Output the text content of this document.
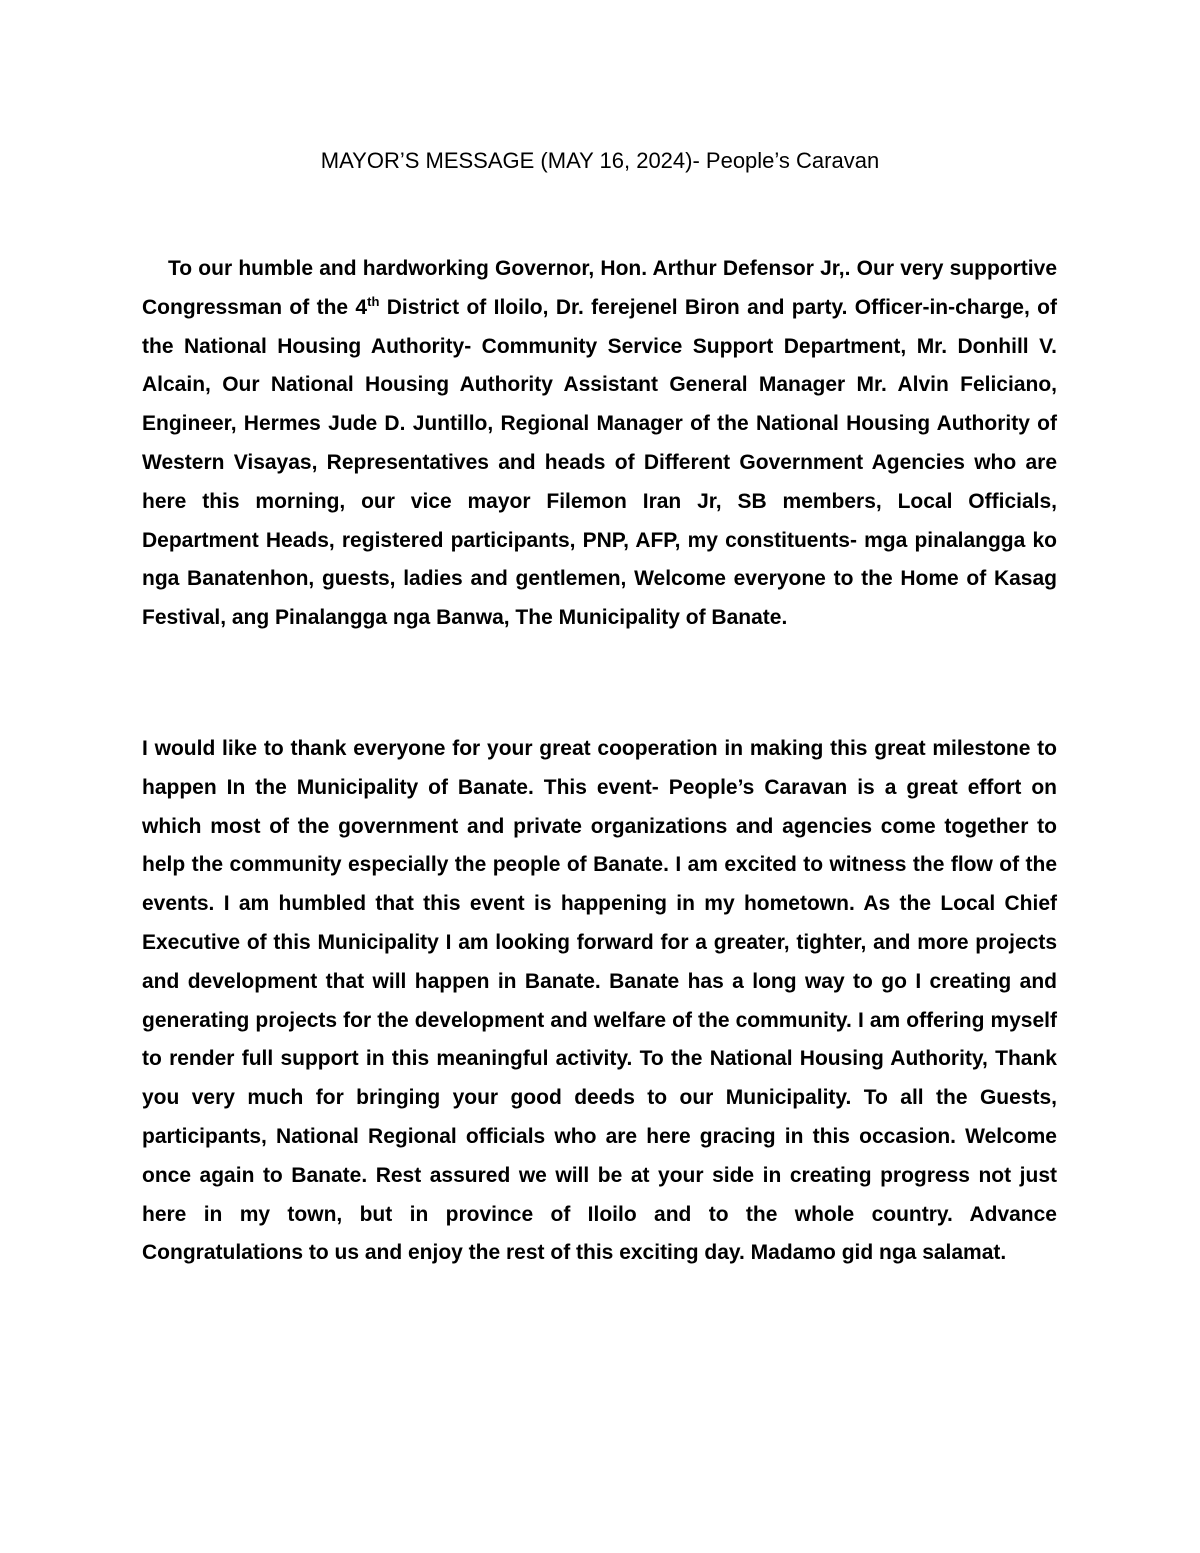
MAYOR’S MESSAGE (MAY 16, 2024)- People’s Caravan

To our humble and hardworking Governor, Hon. Arthur Defensor Jr,. Our very supportive Congressman of the 4th District of Iloilo, Dr. ferejenel Biron and party. Officer-in-charge, of the National Housing Authority- Community Service Support Department, Mr. Donhill V. Alcain, Our National Housing Authority Assistant General Manager Mr. Alvin Feliciano, Engineer, Hermes Jude D. Juntillo, Regional Manager of the National Housing Authority of Western Visayas, Representatives and heads of Different Government Agencies who are here this morning, our vice mayor Filemon Iran Jr, SB members, Local Officials, Department Heads, registered participants, PNP, AFP, my constituents- mga pinalangga ko nga Banatenhon, guests, ladies and gentlemen, Welcome everyone to the Home of Kasag Festival, ang Pinalangga nga Banwa, The Municipality of Banate.

I would like to thank everyone for your great cooperation in making this great milestone to happen In the Municipality of Banate. This event- People’s Caravan is a great effort on which most of the government and private organizations and agencies come together to help the community especially the people of Banate. I am excited to witness the flow of the events. I am humbled that this event is happening in my hometown. As the Local Chief Executive of this Municipality I am looking forward for a greater, tighter, and more projects and development that will happen in Banate. Banate has a long way to go I creating and generating projects for the development and welfare of the community. I am offering myself to render full support in this meaningful activity. To the National Housing Authority, Thank you very much for bringing your good deeds to our Municipality. To all the Guests, participants, National Regional officials who are here gracing in this occasion. Welcome once again to Banate. Rest assured we will be at your side in creating progress not just here in my town, but in province of Iloilo and to the whole country. Advance Congratulations to us and enjoy the rest of this exciting day. Madamo gid nga salamat.
